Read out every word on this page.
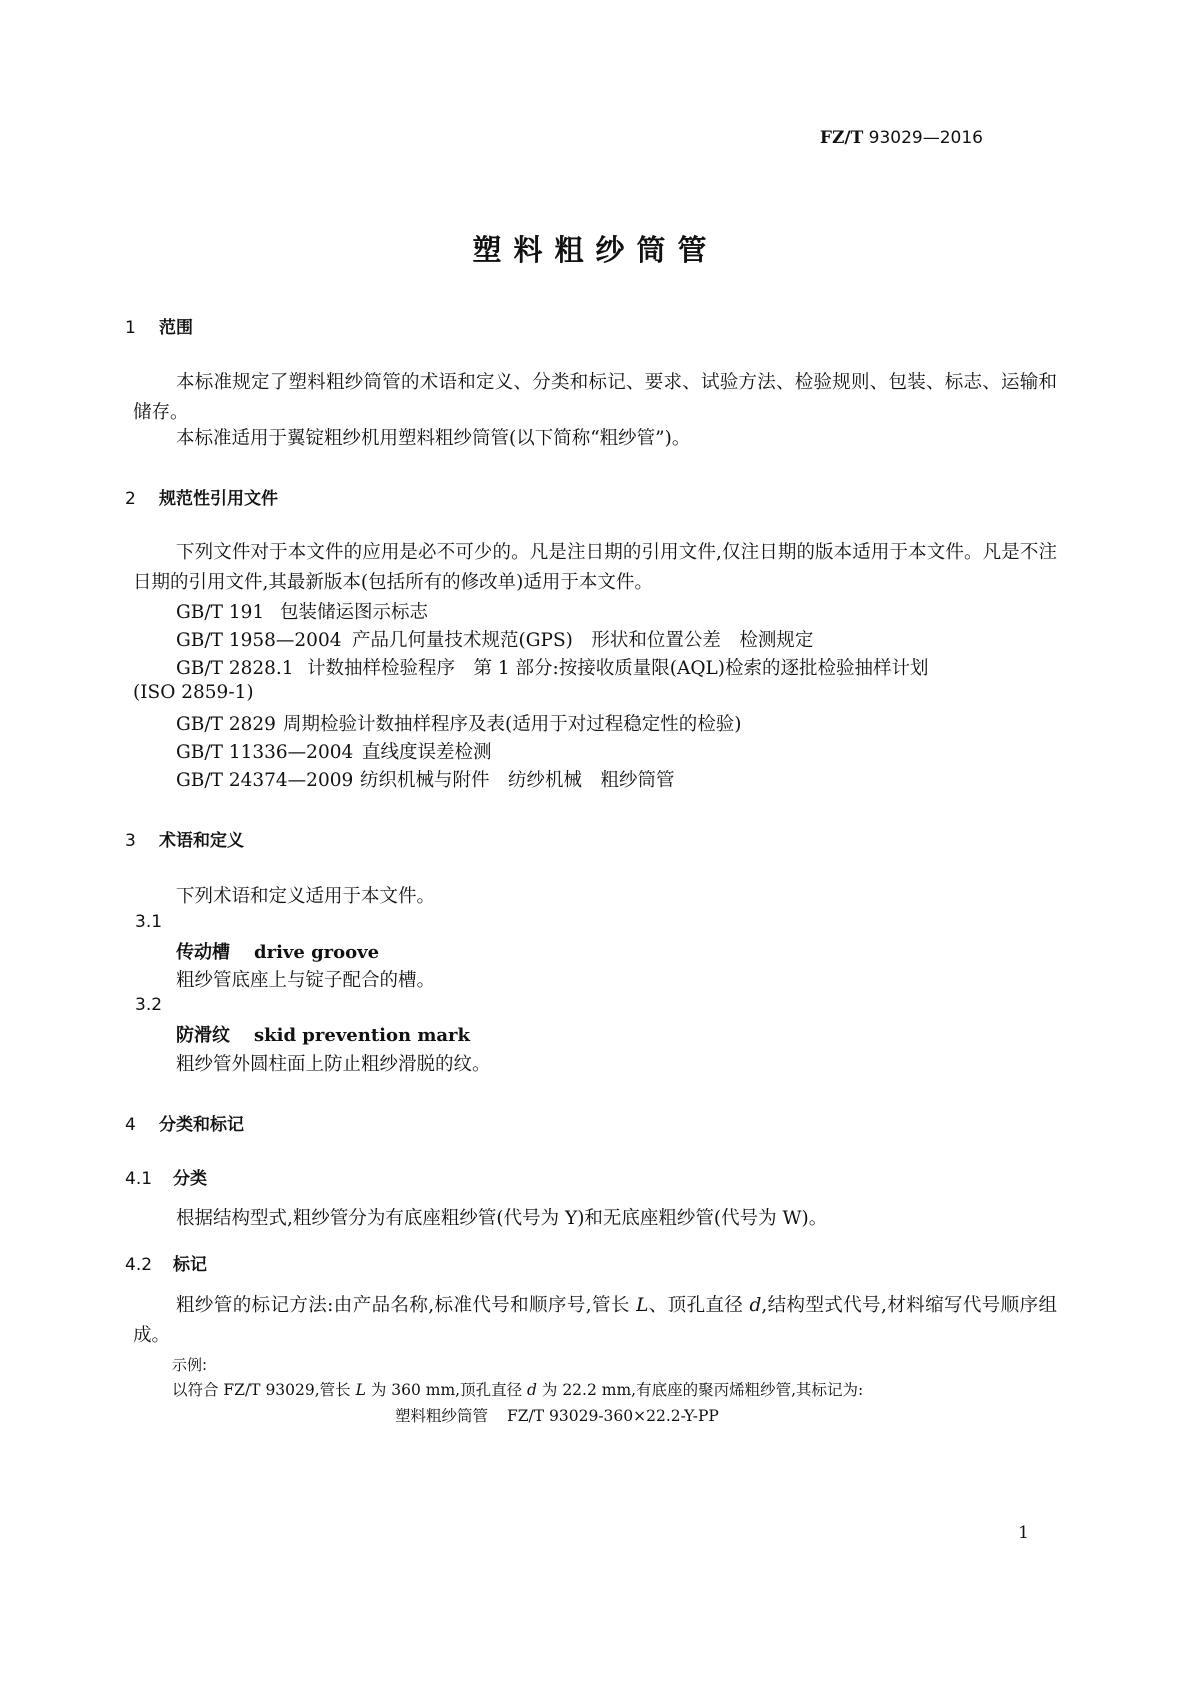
FZ/T 93029—2016
塑料粗纱筒管
1 范围
本标准规定了塑料粗纱筒管的术语和定义、分类和标记、要求、试验方法、检验规则、包装、标志、运输和储存。
本标准适用于翼锭粗纱机用塑料粗纱筒管(以下简称“粗纱管”)。
2 规范性引用文件
下列文件对于本文件的应用是必不可少的。凡是注日期的引用文件,仅注日期的版本适用于本文件。凡是不注日期的引用文件,其最新版本(包括所有的修改单)适用于本文件。
GB/T 191 包装储运图示标志
GB/T 1958—2004 产品几何量技术规范(GPS)　形状和位置公差　检测规定
GB/T 2828.1 计数抽样检验程序　第 1 部分:按接收质量限(AQL)检索的逐批检验抽样计划
(ISO 2859-1)
GB/T 2829 周期检验计数抽样程序及表(适用于对过程稳定性的检验)
GB/T 11336—2004 直线度误差检测
GB/T 24374—2009 纺织机械与附件　纺纱机械　粗纱筒管
3 术语和定义
下列术语和定义适用于本文件。
3.1
传动槽 drive groove
粗纱管底座上与锭子配合的槽。
3.2
防滑纹 skid prevention mark
粗纱管外圆柱面上防止粗纱滑脱的纹。
4 分类和标记
4.1 分类
根据结构型式,粗纱管分为有底座粗纱管(代号为 Y)和无底座粗纱管(代号为 W)。
4.2 标记
粗纱管的标记方法:由产品名称,标准代号和顺序号,管长 L、顶孔直径 d,结构型式代号,材料缩写代号顺序组成。
示例:
以符合 FZ/T 93029,管长 L 为 360 mm,顶孔直径 d 为 22.2 mm,有底座的聚丙烯粗纱管,其标记为:
塑料粗纱筒管 FZ/T 93029-360×22.2-Y-PP
1
